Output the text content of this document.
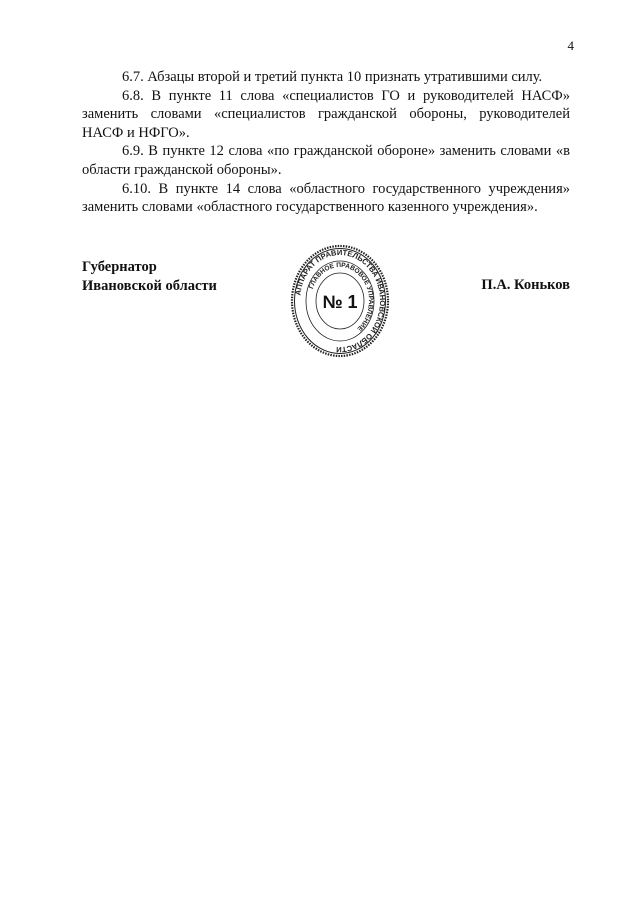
4

6.7. Абзацы второй и третий пункта 10 признать утратившими силу.

6.8. В пункте 11 слова «специалистов ГО и руководителей НАСФ» заменить словами «специалистов гражданской обороны, руководителей НАСФ и НФГО».

6.9. В пункте 12 слова «по гражданской обороне» заменить словами «в области гражданской обороны».

6.10. В пункте 14 слова «областного государственного учреждения» заменить словами «областного государственного казенного учреждения».

Губернатор
Ивановской области	АППАРАТ ПРАВИТЕЛЬСТВА ИВАНОВСКОЙ ОБЛАСТИ
ГЛАВНОЕ ПРАВОВОЕ УПРАВЛЕНИЕ
№ 1
П.А. Коньков
